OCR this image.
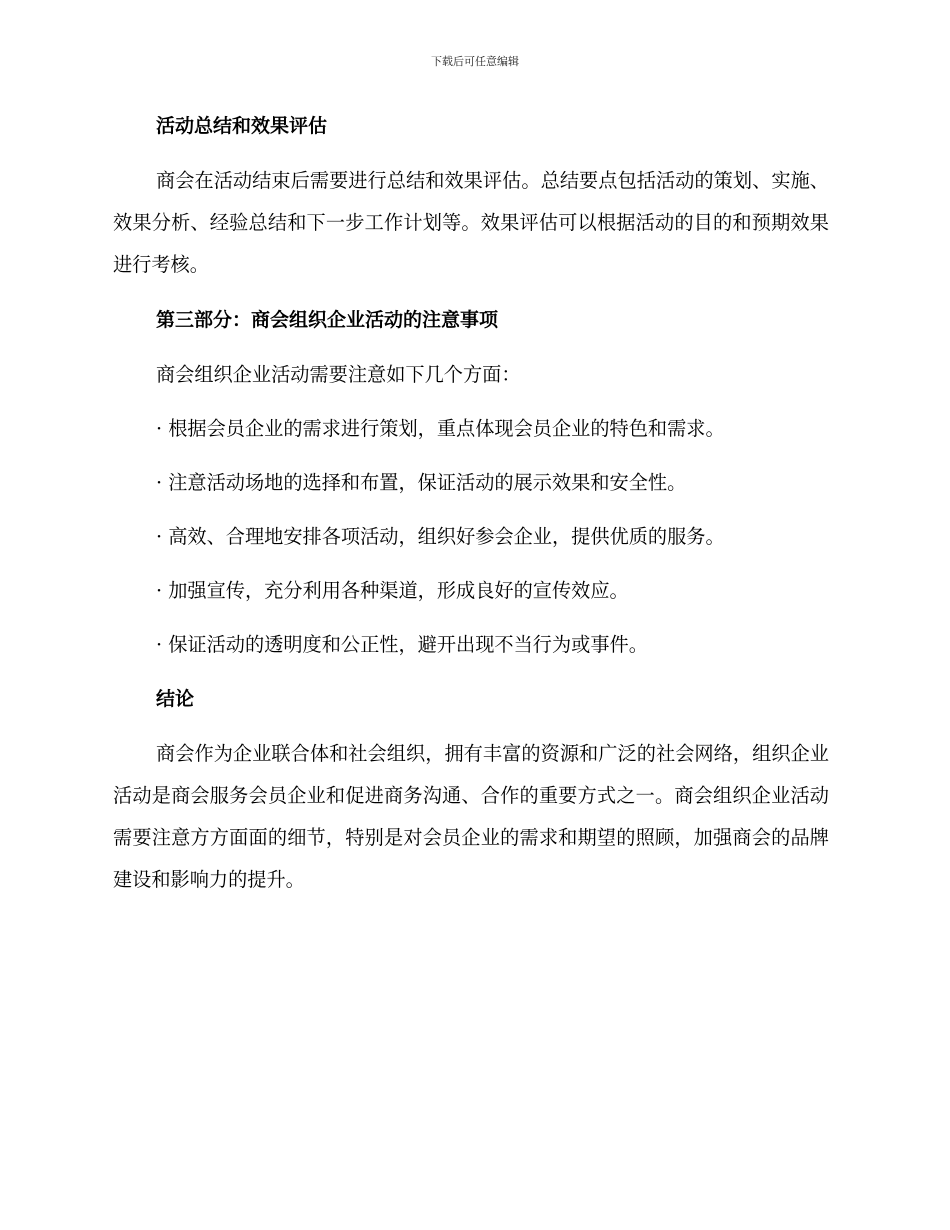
下载后可任意编辑
活动总结和效果评估

商会在活动结束后需要进行总结和效果评估。总结要点包括活动的策划、实施、效果分析、经验总结和下一步工作计划等。效果评估可以根据活动的目的和预期效果进行考核。

第三部分：商会组织企业活动的注意事项
商会组织企业活动需要注意如下几个方面：
· 根据会员企业的需求进行策划，重点体现会员企业的特色和需求。
· 注意活动场地的选择和布置，保证活动的展示效果和安全性。
· 高效、合理地安排各项活动，组织好参会企业，提供优质的服务。
· 加强宣传，充分利用各种渠道，形成良好的宣传效应。
· 保证活动的透明度和公正性，避开出现不当行为或事件。
结论

商会作为企业联合体和社会组织，拥有丰富的资源和广泛的社会网络，组织企业活动是商会服务会员企业和促进商务沟通、合作的重要方式之一。商会组织企业活动需要注意方方面面的细节，特别是对会员企业的需求和期望的照顾，加强商会的品牌建设和影响力的提升。
